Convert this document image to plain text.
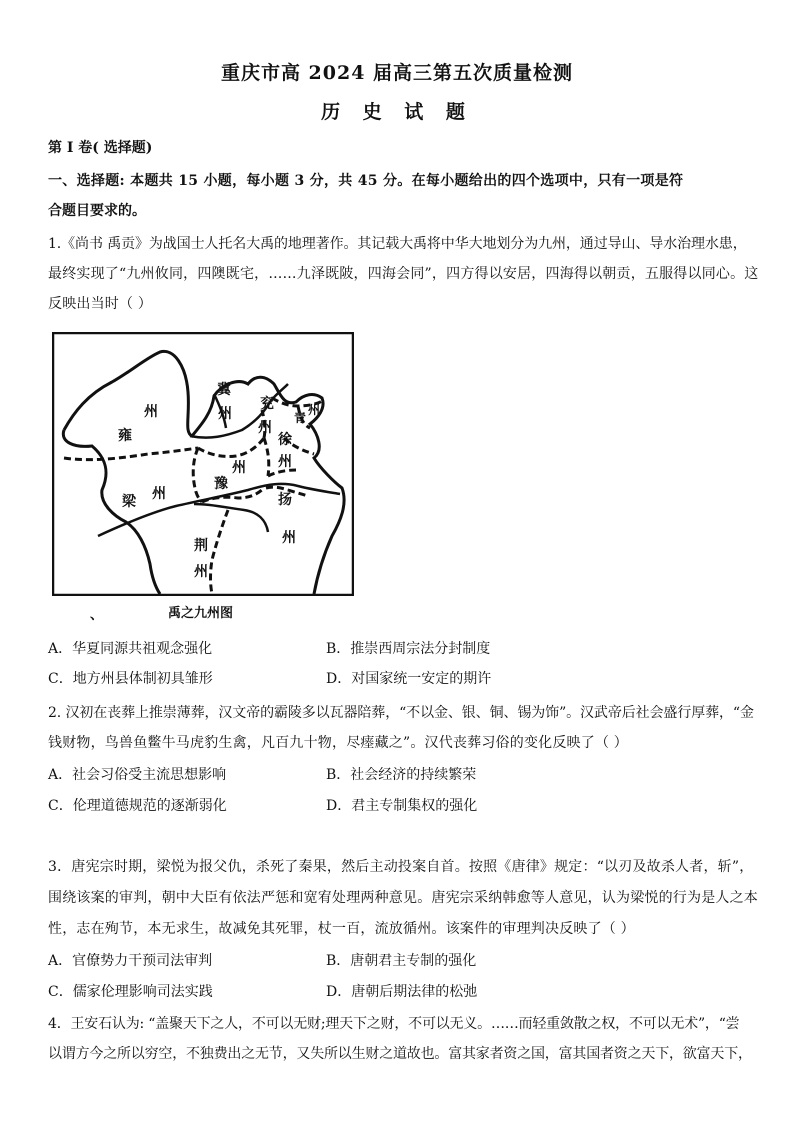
重庆市高 2024 届高三第五次质量检测
历 史 试 题
第 I 卷( 选择题)
一、选择题: 本题共 15 小题，每小题 3 分，共 45 分。在每小题给出的四个选项中，只有一项是符
合题目要求的。
1.《尚书 禹贡》为战国士人托名大禹的地理著作。其记载大禹将中华大地划分为九州，通过导山、导水治理水患，
最终实现了“九州攸同，四隩既宅，……九泽既陂，四海会同”，四方得以安居，四海得以朝贡，五服得以同心。这
反映出当时（ ）
州
雍
冀
州
兖
州
青
州
徐
州
州
豫
梁 州	扬
州
荆
州
、	禹之九州图
A．华夏同源共祖观念强化	B．推崇西周宗法分封制度
C．地方州县体制初具雏形	D．对国家统一安定的期许
2. 汉初在丧葬上推崇薄葬，汉文帝的霸陵多以瓦器陪葬，“不以金、银、铜、锡为饰”。汉武帝后社会盛行厚葬，“金
钱财物，鸟兽鱼鳖牛马虎豹生禽，凡百九十物，尽瘗藏之”。汉代丧葬习俗的变化反映了（ ）
A．社会习俗受主流思想影响	B．社会经济的持续繁荣
C．伦理道德规范的逐渐弱化	D．君主专制集权的强化
3．唐宪宗时期，梁悦为报父仇，杀死了秦果，然后主动投案自首。按照《唐律》规定：“以刃及故杀人者，斩”，
围绕该案的审判，朝中大臣有依法严惩和宽宥处理两种意见。唐宪宗采纳韩愈等人意见，认为梁悦的行为是人之本
性，志在殉节，本无求生，故减免其死罪，杖一百，流放循州。该案件的审理判决反映了（ ）
A．官僚势力干预司法审判	B．唐朝君主专制的强化
C．儒家伦理影响司法实践	D．唐朝后期法律的松弛
4．王安石认为: “盖聚天下之人，不可以无财;理天下之财，不可以无义。……而轻重敛散之权，不可以无术”，“尝
以谓方今之所以穷空，不独费出之无节，又失所以生财之道故也。富其家者资之国，富其国者资之天下，欲富天下，
